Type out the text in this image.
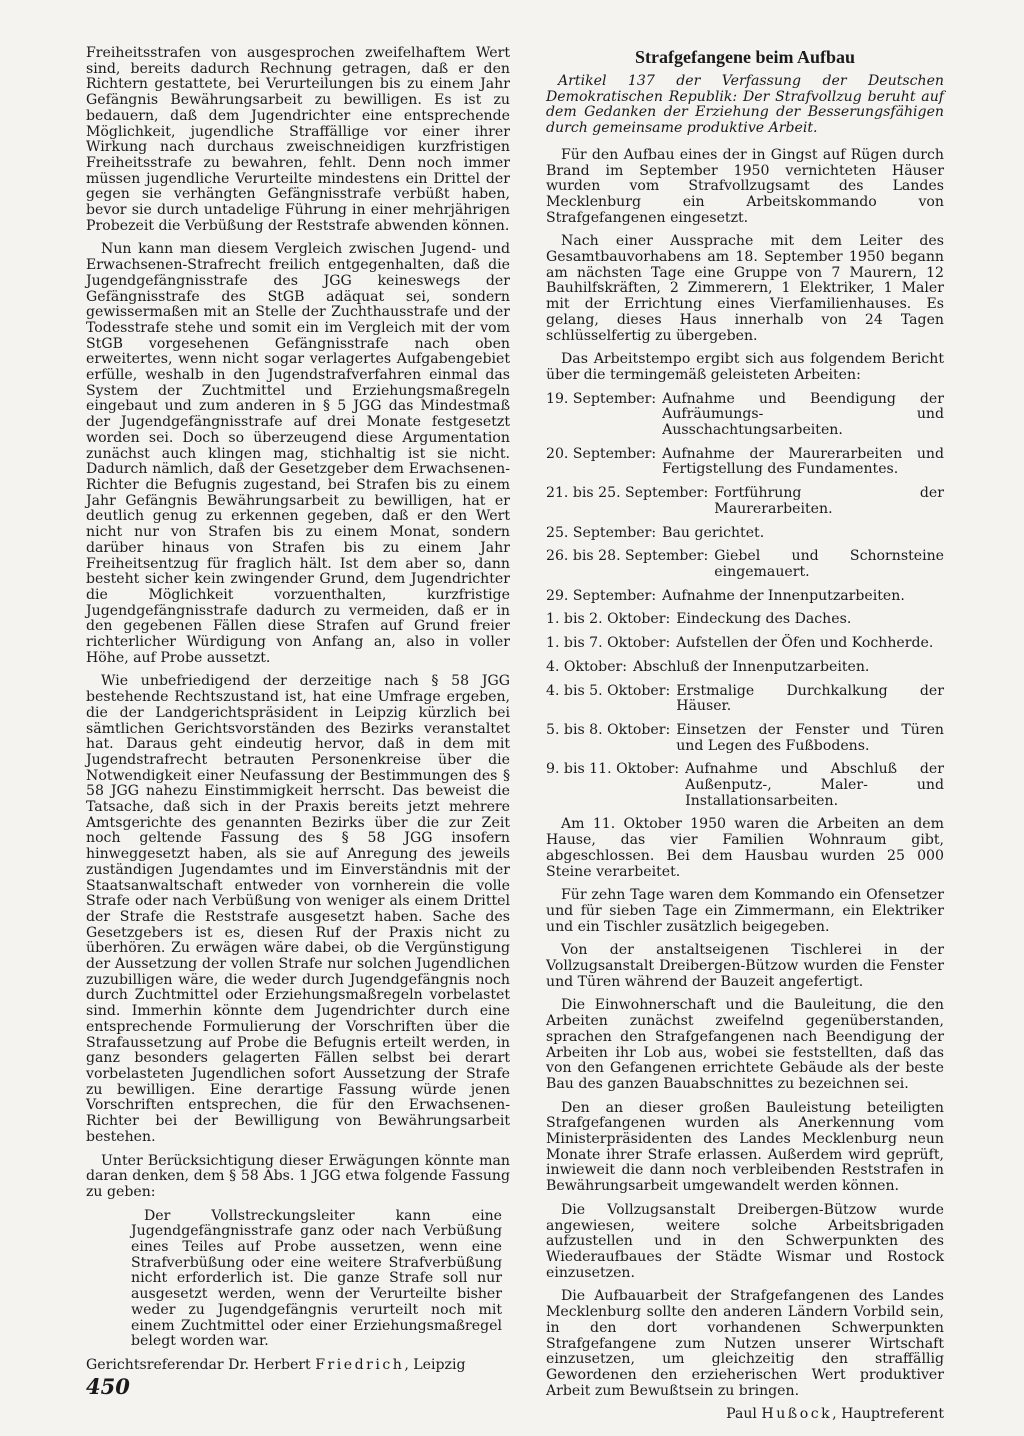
Freiheitsstrafen von ausgesprochen zweifelhaftem Wert sind, bereits dadurch Rechnung getragen, daß er den Richtern gestattete, bei Verurteilungen bis zu einem Jahr Gefängnis Bewährungsarbeit zu bewilligen. Es ist zu bedauern, daß dem Jugendrichter eine entsprechende Möglichkeit, jugendliche Straffällige vor einer ihrer Wirkung nach durchaus zweischneidigen kurzfristigen Freiheitsstrafe zu bewahren, fehlt. Denn noch immer müssen jugendliche Verurteilte mindestens ein Drittel der gegen sie verhängten Gefängnisstrafe verbüßt haben, bevor sie durch untadelige Führung in einer mehrjährigen Probezeit die Verbüßung der Reststrafe abwenden können.

Nun kann man diesem Vergleich zwischen Jugend- und Erwachsenen-Strafrecht freilich entgegenhalten, daß die Jugendgefängnisstrafe des JGG keineswegs der Gefängnisstrafe des StGB adäquat sei, sondern gewissermaßen mit an Stelle der Zuchthausstrafe und der Todesstrafe stehe und somit ein im Vergleich mit der vom StGB vorgesehenen Gefängnisstrafe nach oben erweitertes, wenn nicht sogar verlagertes Aufgabengebiet erfülle, weshalb in den Jugendstrafverfahren einmal das System der Zuchtmittel und Erziehungsmaßregeln eingebaut und zum anderen in § 5 JGG das Mindestmaß der Jugendgefängnisstrafe auf drei Monate festgesetzt worden sei. Doch so überzeugend diese Argumentation zunächst auch klingen mag, stichhaltig ist sie nicht. Dadurch nämlich, daß der Gesetzgeber dem Erwachsenen-Richter die Befugnis zugestand, bei Strafen bis zu einem Jahr Gefängnis Bewährungsarbeit zu bewilligen, hat er deutlich genug zu erkennen gegeben, daß er den Wert nicht nur von Strafen bis zu einem Monat, sondern darüber hinaus von Strafen bis zu einem Jahr Freiheitsentzug für fraglich hält. Ist dem aber so, dann besteht sicher kein zwingender Grund, dem Jugendrichter die Möglichkeit vorzuenthalten, kurzfristige Jugendgefängnisstrafe dadurch zu vermeiden, daß er in den gegebenen Fällen diese Strafen auf Grund freier richterlicher Würdigung von Anfang an, also in voller Höhe, auf Probe aussetzt.

Wie unbefriedigend der derzeitige nach § 58 JGG bestehende Rechtszustand ist, hat eine Umfrage ergeben, die der Landgerichtspräsident in Leipzig kürzlich bei sämtlichen Gerichtsvorständen des Bezirks veranstaltet hat. Daraus geht eindeutig hervor, daß in dem mit Jugendstrafrecht betrauten Personenkreise über die Notwendigkeit einer Neufassung der Bestimmungen des § 58 JGG nahezu Einstimmigkeit herrscht. Das beweist die Tatsache, daß sich in der Praxis bereits jetzt mehrere Amtsgerichte des genannten Bezirks über die zur Zeit noch geltende Fassung des § 58 JGG insofern hinweggesetzt haben, als sie auf Anregung des jeweils zuständigen Jugendamtes und im Einverständnis mit der Staatsanwaltschaft entweder von vornherein die volle Strafe oder nach Verbüßung von weniger als einem Drittel der Strafe die Reststrafe ausgesetzt haben. Sache des Gesetzgebers ist es, diesen Ruf der Praxis nicht zu überhören. Zu erwägen wäre dabei, ob die Vergünstigung der Aussetzung der vollen Strafe nur solchen Jugendlichen zuzubilligen wäre, die weder durch Jugendgefängnis noch durch Zuchtmittel oder Erziehungsmaßregeln vorbelastet sind. Immerhin könnte dem Jugendrichter durch eine entsprechende Formulierung der Vorschriften über die Strafaussetzung auf Probe die Befugnis erteilt werden, in ganz besonders gelagerten Fällen selbst bei derart vorbelasteten Jugendlichen sofort Aussetzung der Strafe zu bewilligen. Eine derartige Fassung würde jenen Vorschriften entsprechen, die für den Erwachsenen-Richter bei der Bewilligung von Bewährungsarbeit bestehen.

Unter Berücksichtigung dieser Erwägungen könnte man daran denken, dem § 58 Abs. 1 JGG etwa folgende Fassung zu geben:

Der Vollstreckungsleiter kann eine Jugendgefängnisstrafe ganz oder nach Verbüßung eines Teiles auf Probe aussetzen, wenn eine Strafverbüßung oder eine weitere Strafverbüßung nicht erforderlich ist. Die ganze Strafe soll nur ausgesetzt werden, wenn der Verurteilte bisher weder zu Jugendgefängnis verurteilt noch mit einem Zuchtmittel oder einer Erziehungsmaßregel belegt worden war.

Gerichtsreferendar Dr. Herbert Friedrich, Leipzig

Strafgefangene beim Aufbau

Artikel 137 der Verfassung der Deutschen Demokratischen Republik: Der Strafvollzug beruht auf dem Gedanken der Erziehung der Besserungsfähigen durch gemeinsame produktive Arbeit.

Für den Aufbau eines der in Gingst auf Rügen durch Brand im September 1950 vernichteten Häuser wurden vom Strafvollzugsamt des Landes Mecklenburg ein Arbeitskommando von Strafgefangenen eingesetzt.

Nach einer Aussprache mit dem Leiter des Gesamtbauvorhabens am 18. September 1950 begann am nächsten Tage eine Gruppe von 7 Maurern, 12 Bauhilfskräften, 2 Zimmerern, 1 Elektriker, 1 Maler mit der Errichtung eines Vierfamilienhauses. Es gelang, dieses Haus innerhalb von 24 Tagen schlüsselfertig zu übergeben.

Das Arbeitstempo ergibt sich aus folgendem Bericht über die termingemäß geleisteten Arbeiten:

19. September: Aufnahme und Beendigung der Aufräumungs- und Ausschachtungsarbeiten.
20. September: Aufnahme der Maurerarbeiten und Fertigstellung des Fundamentes.
21. bis 25. September: Fortführung der Maurerarbeiten.
25. September: Bau gerichtet.
26. bis 28. September: Giebel und Schornsteine eingemauert.
29. September: Aufnahme der Innenputzarbeiten.
1. bis 2. Oktober: Eindeckung des Daches.
1. bis 7. Oktober: Aufstellen der Öfen und Kochherde.
4. Oktober: Abschluß der Innenputzarbeiten.
4. bis 5. Oktober: Erstmalige Durchkalkung der Häuser.
5. bis 8. Oktober: Einsetzen der Fenster und Türen und Legen des Fußbodens.
9. bis 11. Oktober: Aufnahme und Abschluß der Außenputz-, Maler- und Installationsarbeiten.

Am 11. Oktober 1950 waren die Arbeiten an dem Hause, das vier Familien Wohnraum gibt, abgeschlossen. Bei dem Hausbau wurden 25 000 Steine verarbeitet.

Für zehn Tage waren dem Kommando ein Ofensetzer und für sieben Tage ein Zimmermann, ein Elektriker und ein Tischler zusätzlich beigegeben.

Von der anstaltseigenen Tischlerei in der Vollzugsanstalt Dreibergen-Bützow wurden die Fenster und Türen während der Bauzeit angefertigt.

Die Einwohnerschaft und die Bauleitung, die den Arbeiten zunächst zweifelnd gegenüberstanden, sprachen den Strafgefangenen nach Beendigung der Arbeiten ihr Lob aus, wobei sie feststellten, daß das von den Gefangenen errichtete Gebäude als der beste Bau des ganzen Bauabschnittes zu bezeichnen sei.

Den an dieser großen Bauleistung beteiligten Strafgefangenen wurden als Anerkennung vom Ministerpräsidenten des Landes Mecklenburg neun Monate ihrer Strafe erlassen. Außerdem wird geprüft, inwieweit die dann noch verbleibenden Reststrafen in Bewährungsarbeit umgewandelt werden können.

Die Vollzugsanstalt Dreibergen-Bützow wurde angewiesen, weitere solche Arbeitsbrigaden aufzustellen und in den Schwerpunkten des Wiederaufbaues der Städte Wismar und Rostock einzusetzen.

Die Aufbauarbeit der Strafgefangenen des Landes Mecklenburg sollte den anderen Ländern Vorbild sein, in den dort vorhandenen Schwerpunkten Strafgefangene zum Nutzen unserer Wirtschaft einzusetzen, um gleichzeitig den straffällig Gewordenen den erzieherischen Wert produktiver Arbeit zum Bewußtsein zu bringen.

Paul Hußock, Hauptreferent

450
